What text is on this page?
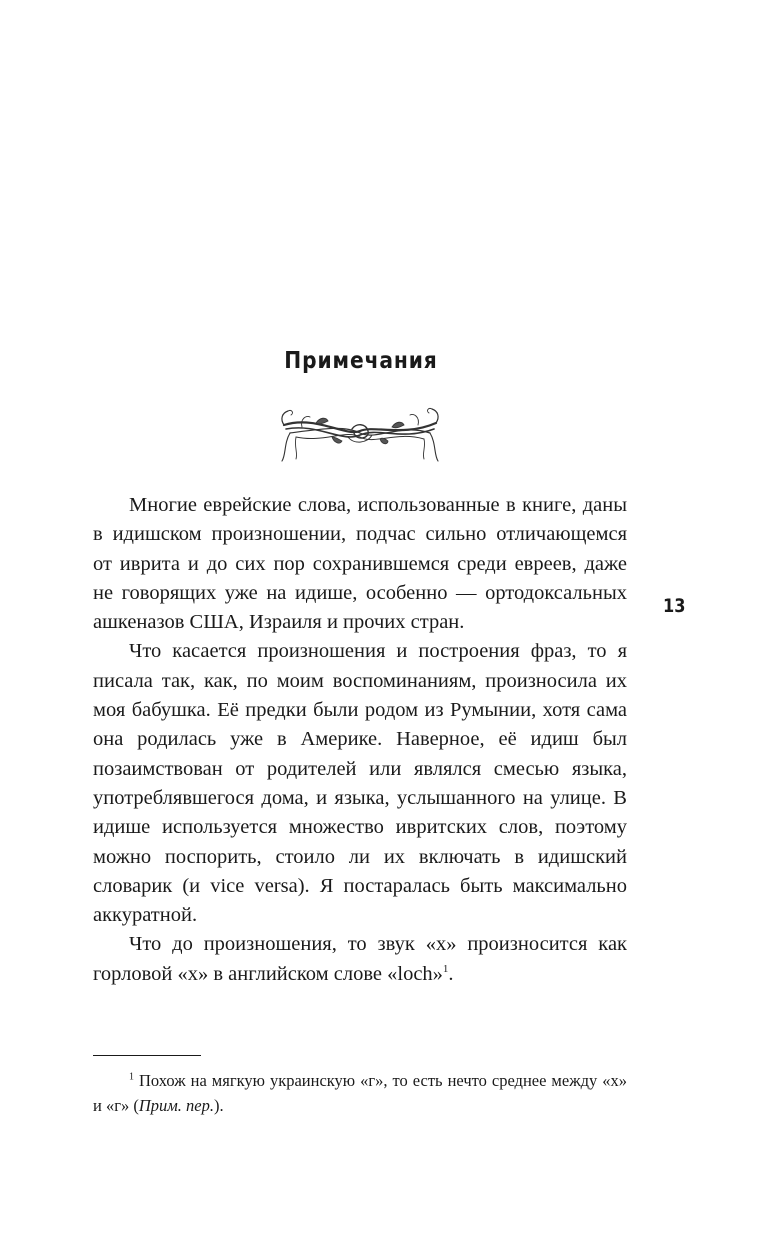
Примечания

Многие еврейские слова, использованные в книге, даны в идишском произношении, подчас сильно отличающемся от иврита и до сих пор сохранившемся среди евреев, даже не говорящих уже на идише, особенно — ортодоксальных ашкеназов США, Израиля и прочих стран.

Что касается произношения и построения фраз, то я писала так, как, по моим воспоминаниям, произносила их моя бабушка. Её предки были родом из Румынии, хотя сама она родилась уже в Америке. Наверное, её идиш был позаимствован от родителей или являлся смесью языка, употреблявшегося дома, и языка, услышанного на улице. В идише используется множество ивритских слов, поэтому можно поспорить, стоило ли их включать в идишский словарик (и vice versa). Я постаралась быть максимально аккуратной.

Что до произношения, то звук «х» произносится как горловой «х» в английском слове «loch»$^1$.

$^1$ Похож на мягкую украинскую «г», то есть нечто среднее между «х» и «г» (Прим. пер.).

13
